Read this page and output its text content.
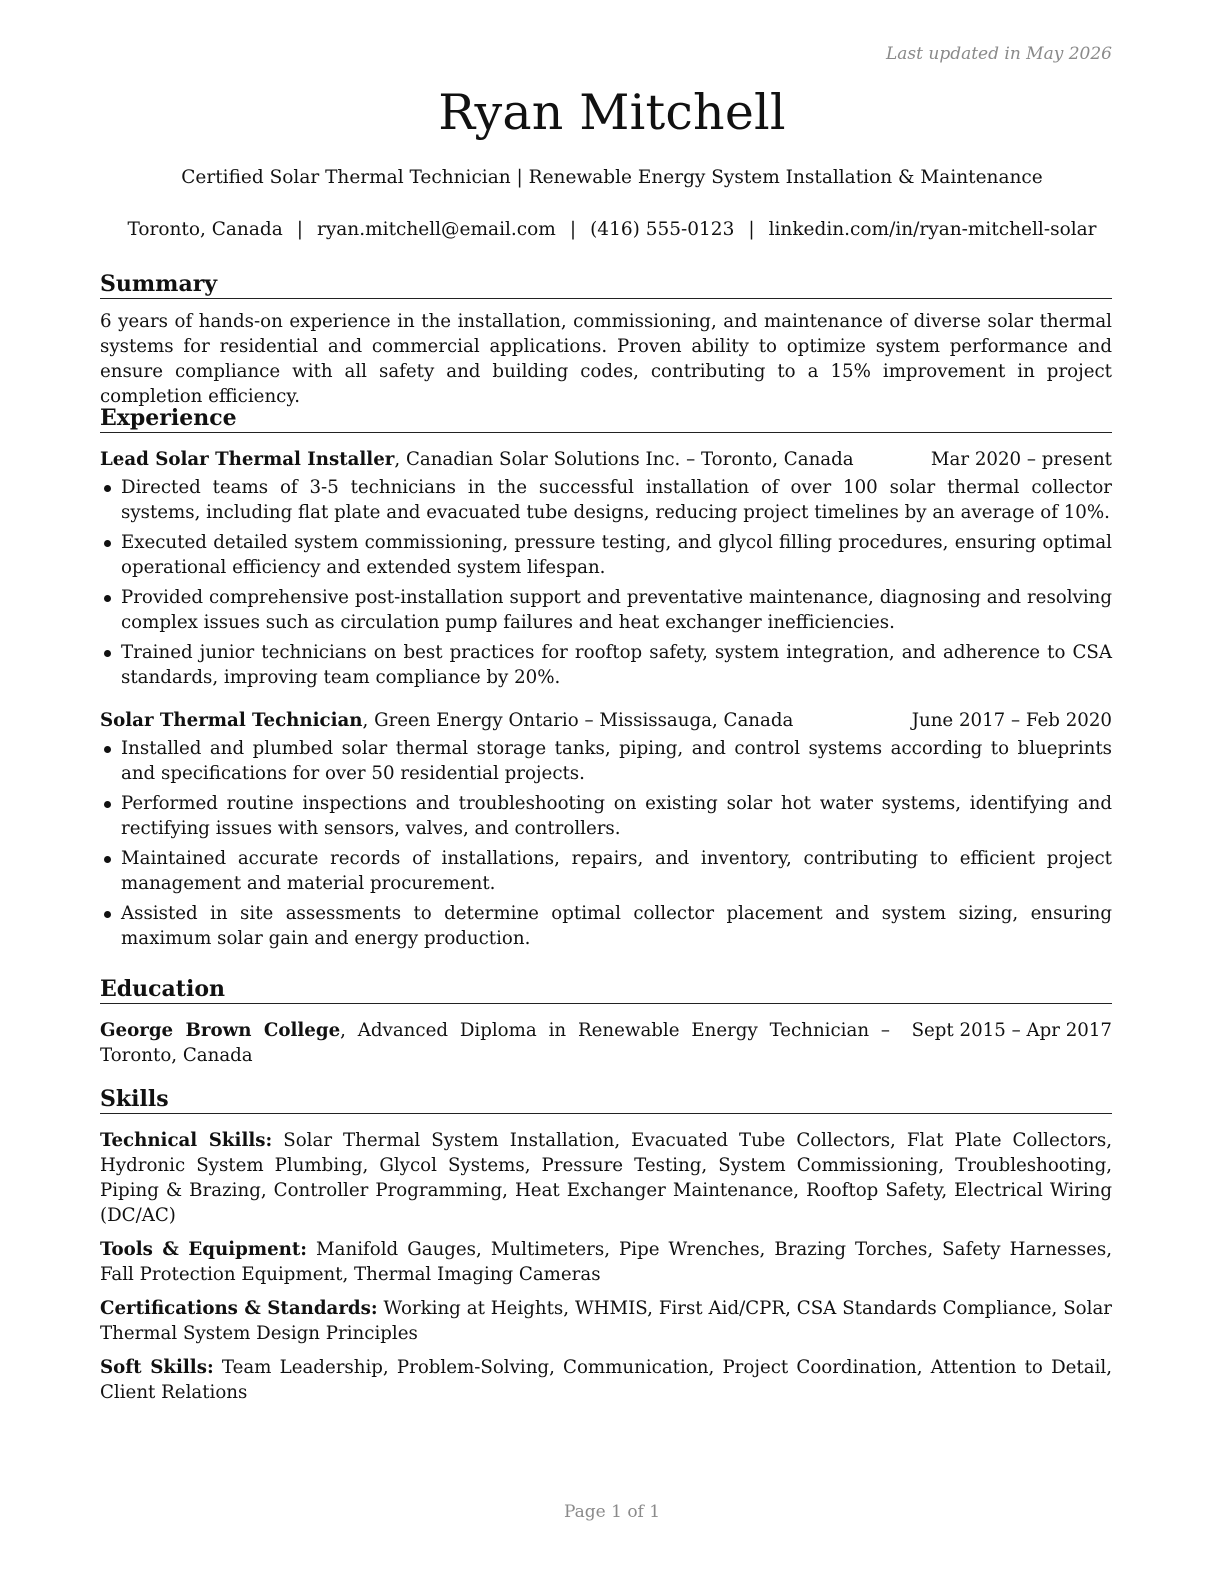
Last updated in May 2026
Ryan Mitchell
Certified Solar Thermal Technician | Renewable Energy System Installation & Maintenance
Toronto, Canada | ryan.mitchell@email.com | (416) 555-0123 | linkedin.com/in/ryan-mitchell-solar
Summary

6 years of hands-on experience in the installation, commissioning, and maintenance of diverse solar thermal systems for residential and commercial applications. Proven ability to optimize system performance and ensure compliance with all safety and building codes, contributing to a 15% improvement in project completion efficiency.

Experience
Lead Solar Thermal Installer, Canadian Solar Solutions Inc. – Toronto, Canada	Mar 2020 – present
Directed teams of 3-5 technicians in the successful installation of over 100 solar thermal collector systems, including flat plate and evacuated tube designs, reducing project timelines by an average of 10%.
Executed detailed system commissioning, pressure testing, and glycol filling procedures, ensuring optimal operational efficiency and extended system lifespan.
Provided comprehensive post-installation support and preventative maintenance, diagnosing and resolving complex issues such as circulation pump failures and heat exchanger inefficiencies.
Trained junior technicians on best practices for rooftop safety, system integration, and adherence to CSA standards, improving team compliance by 20%.
Solar Thermal Technician, Green Energy Ontario – Mississauga, Canada	June 2017 – Feb 2020
Installed and plumbed solar thermal storage tanks, piping, and control systems according to blueprints and specifications for over 50 residential projects.
Performed routine inspections and troubleshooting on existing solar hot water systems, identifying and rectifying issues with sensors, valves, and controllers.
Maintained accurate records of installations, repairs, and inventory, contributing to efficient project management and material procurement.
Assisted in site assessments to determine optimal collector placement and system sizing, ensuring maximum solar gain and energy production.
Education
George Brown College, Advanced Diploma in Renewable Energy Technician – Toronto, Canada
Sept 2015 – Apr 2017
Skills

Technical Skills: Solar Thermal System Installation, Evacuated Tube Collectors, Flat Plate Collectors, Hydronic System Plumbing, Glycol Systems, Pressure Testing, System Commissioning, Troubleshooting, Piping & Brazing, Controller Programming, Heat Exchanger Maintenance, Rooftop Safety, Electrical Wiring (DC/AC)

Tools & Equipment: Manifold Gauges, Multimeters, Pipe Wrenches, Brazing Torches, Safety Harnesses, Fall Protection Equipment, Thermal Imaging Cameras

Certifications & Standards: Working at Heights, WHMIS, First Aid/CPR, CSA Standards Compliance, Solar Thermal System Design Principles

Soft Skills: Team Leadership, Problem-Solving, Communication, Project Coordination, Attention to Detail, Client Relations

Page 1 of 1
